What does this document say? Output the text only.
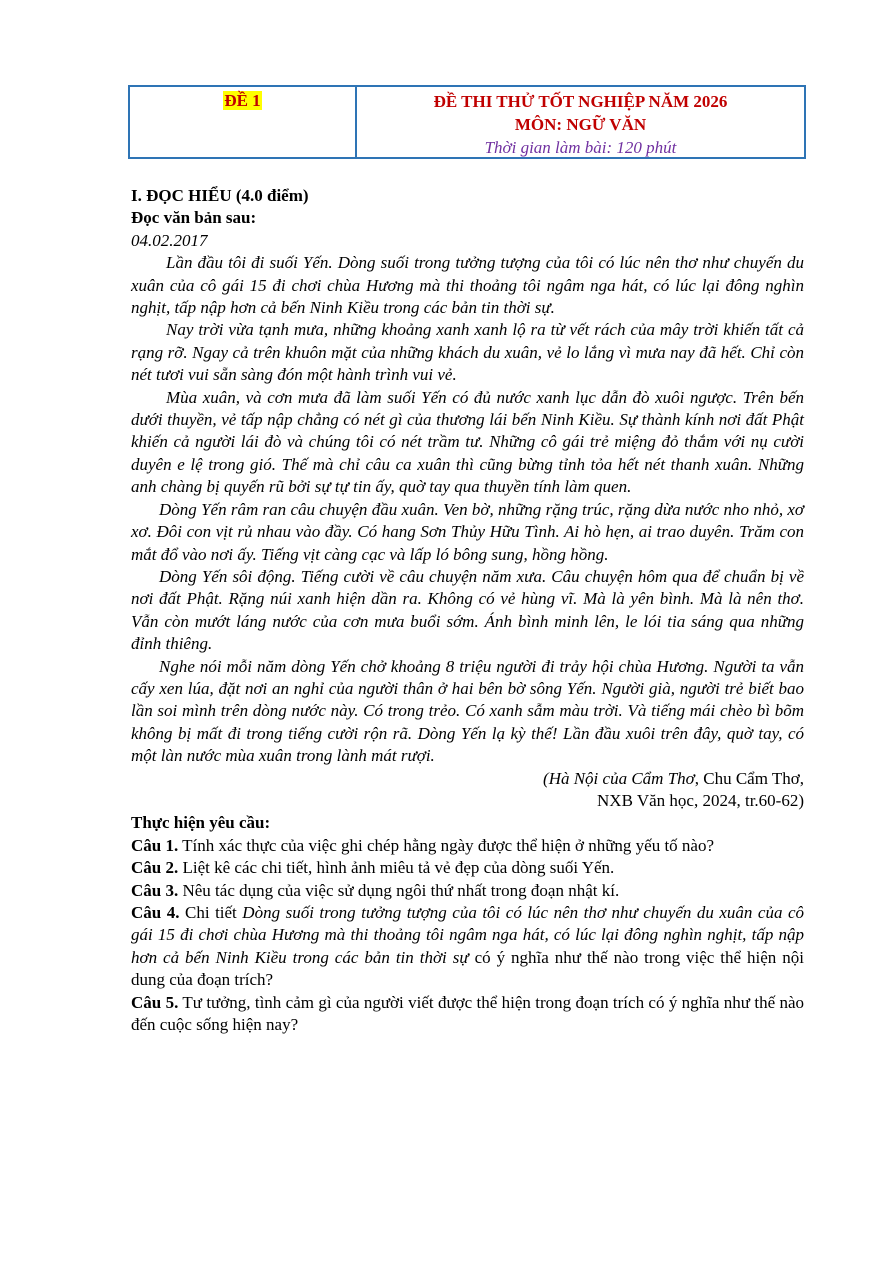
ĐỀ 1	ĐỀ THI THỬ TỐT NGHIỆP NĂM 2026
MÔN: NGỮ VĂN
Thời gian làm bài: 120 phút

I. ĐỌC HIỂU (4.0 điểm)

Đọc văn bản sau:

04.02.2017

Lần đầu tôi đi suối Yến. Dòng suối trong tưởng tượng của tôi có lúc nên thơ như chuyến du xuân của cô gái 15 đi chơi chùa Hương mà thi thoảng tôi ngâm nga hát, có lúc lại đông nghìn nghịt, tấp nập hơn cả bến Ninh Kiều trong các bản tin thời sự.

Nay trời vừa tạnh mưa, những khoảng xanh xanh lộ ra từ vết rách của mây trời khiến tất cả rạng rỡ. Ngay cả trên khuôn mặt của những khách du xuân, vẻ lo lắng vì mưa nay đã hết. Chỉ còn nét tươi vui sẵn sàng đón một hành trình vui vẻ.

Mùa xuân, và cơn mưa đã làm suối Yến có đủ nước xanh lục dẫn đò xuôi ngược. Trên bến dưới thuyền, vẻ tấp nập chẳng có nét gì của thương lái bến Ninh Kiều. Sự thành kính nơi đất Phật khiến cả người lái đò và chúng tôi có nét trầm tư. Những cô gái trẻ miệng đỏ thắm với nụ cười duyên e lệ trong gió. Thế mà chỉ câu ca xuân thì cũng bừng tỉnh tỏa hết nét thanh xuân. Những anh chàng bị quyến rũ bởi sự tự tin ấy, quờ tay qua thuyền tính làm quen.

Dòng Yến râm ran câu chuyện đầu xuân. Ven bờ, những rặng trúc, rặng dừa nước nho nhỏ, xơ xơ. Đôi con vịt rủ nhau vào đầy. Có hang Sơn Thủy Hữu Tình. Ai hò hẹn, ai trao duyên. Trăm con mắt đổ vào nơi ấy. Tiếng vịt càng cạc và lấp ló bông sung, hồng hồng.

Dòng Yến sôi động. Tiếng cười về câu chuyện năm xưa. Câu chuyện hôm qua để chuẩn bị về nơi đất Phật. Rặng núi xanh hiện dần ra. Không có vẻ hùng vĩ. Mà là yên bình. Mà là nên thơ. Vẫn còn mướt láng nước của cơn mưa buổi sớm. Ánh bình minh lên, le lói tia sáng qua những đỉnh thiêng.

Nghe nói mỗi năm dòng Yến chở khoảng 8 triệu người đi trảy hội chùa Hương. Người ta vẫn cấy xen lúa, đặt nơi an nghỉ của người thân ở hai bên bờ sông Yến. Người già, người trẻ biết bao lần soi mình trên dòng nước này. Có trong trẻo. Có xanh sẫm màu trời. Và tiếng mái chèo bì bõm không bị mất đi trong tiếng cười rộn rã. Dòng Yến lạ kỳ thế! Lần đầu xuôi trên đây, quờ tay, có một làn nước mùa xuân trong lành mát rượi.

(Hà Nội của Cẩm Thơ, Chu Cẩm Thơ,

NXB Văn học, 2024, tr.60-62)

Thực hiện yêu cầu:

Câu 1. Tính xác thực của việc ghi chép hằng ngày được thể hiện ở những yếu tố nào?

Câu 2. Liệt kê các chi tiết, hình ảnh miêu tả vẻ đẹp của dòng suối Yến.

Câu 3. Nêu tác dụng của việc sử dụng ngôi thứ nhất trong đoạn nhật kí.

Câu 4. Chi tiết Dòng suối trong tưởng tượng của tôi có lúc nên thơ như chuyến du xuân của cô gái 15 đi chơi chùa Hương mà thi thoảng tôi ngâm nga hát, có lúc lại đông nghìn nghịt, tấp nập hơn cả bến Ninh Kiều trong các bản tin thời sự có ý nghĩa như thế nào trong việc thể hiện nội dung của đoạn trích?

Câu 5. Tư tưởng, tình cảm gì của người viết được thể hiện trong đoạn trích có ý nghĩa như thế nào đến cuộc sống hiện nay?
